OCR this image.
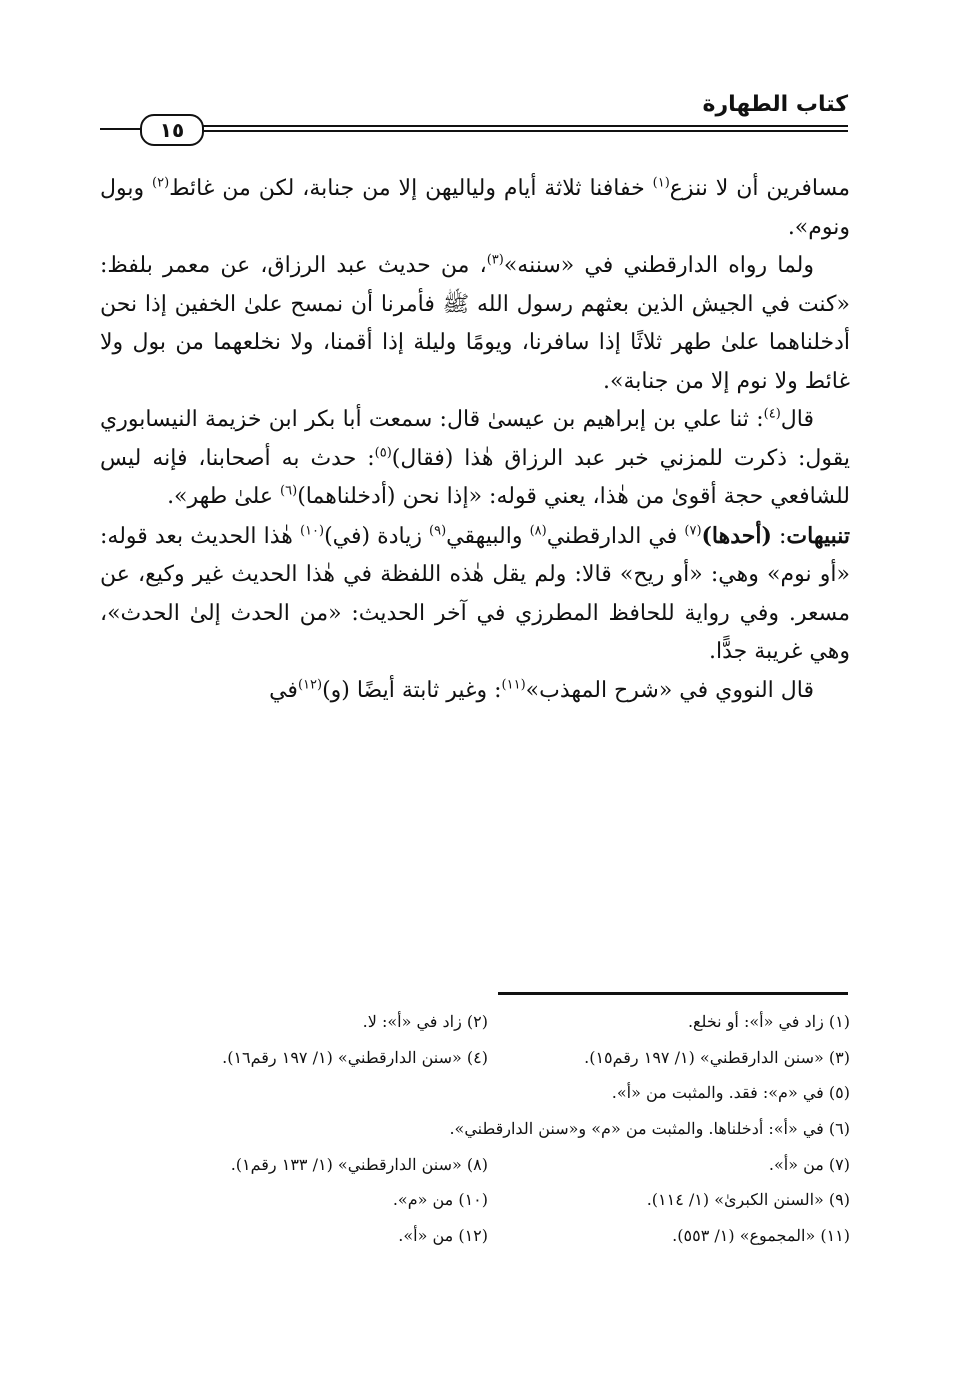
كتاب الطهارة
١٥

مسافرين أن لا ننزع$^{(١)}$ خفافنا ثلاثة أيام ولياليهن إلا من جنابة، لكن من غائط$^{(٢)}$ وبول ونوم».

ولما رواه الدارقطني في «سننه»$^{(٣)}$، من حديث عبد الرزاق، عن معمر بلفظ: «كنت في الجيش الذين بعثهم رسول الله ﷺ فأمرنا أن نمسح علىٰ الخفين إذا نحن أدخلناهما علىٰ طهر ثلاثًا إذا سافرنا، ويومًا وليلة إذا أقمنا، ولا نخلعهما من بول ولا غائط ولا نوم إلا من جنابة».

قال$^{(٤)}$: ثنا علي بن إبراهيم بن عيسىٰ قال: سمعت أبا بكر ابن خزيمة النيسابوري يقول: ذكرت للمزني خبر عبد الرزاق هٰذا (فقال)$^{(٥)}$: حدث به أصحابنا، فإنه ليس للشافعي حجة أقوىٰ من هٰذا، يعني قوله: «إذا نحن (أدخلناهما)$^{(٦)}$ علىٰ طهر».

تنبيهات: (أحدها)$^{(٧)}$ في الدارقطني$^{(٨)}$ والبيهقي$^{(٩)}$ زيادة (في)$^{(١٠)}$ هٰذا الحديث بعد قوله: «أو نوم» وهي: «أو ريح» قالا: ولم يقل هٰذه اللفظة في هٰذا الحديث غير وكيع، عن مسعر. وفي رواية للحافظ المطرزي في آخر الحديث: «من الحدث إلىٰ الحدث»، وهي غريبة جدًّا.

قال النووي في «شرح المهذب»$^{(١١)}$: وغير ثابتة أيضًا (و)$^{(١٢)}$في

(١) زاد في «أ»: أو نخلع.
(٢) زاد في «أ»: لا.
(٣) «سنن الدارقطني» (١/ ١٩٧ رقم١٥).
(٤) «سنن الدارقطني» (١/ ١٩٧ رقم١٦).
(٥) في «م»: فقد. والمثبت من «أ».
(٦) في «أ»: أدخلناها. والمثبت من «م» و«سنن الدارقطني».
(٧) من «أ».
(٨) «سنن الدارقطني» (١/ ١٣٣ رقم١).
(٩) «السنن الكبرىٰ» (١/ ١١٤).
(١٠) من «م».
(١١) «المجموع» (١/ ٥٥٣).
(١٢) من «أ».
